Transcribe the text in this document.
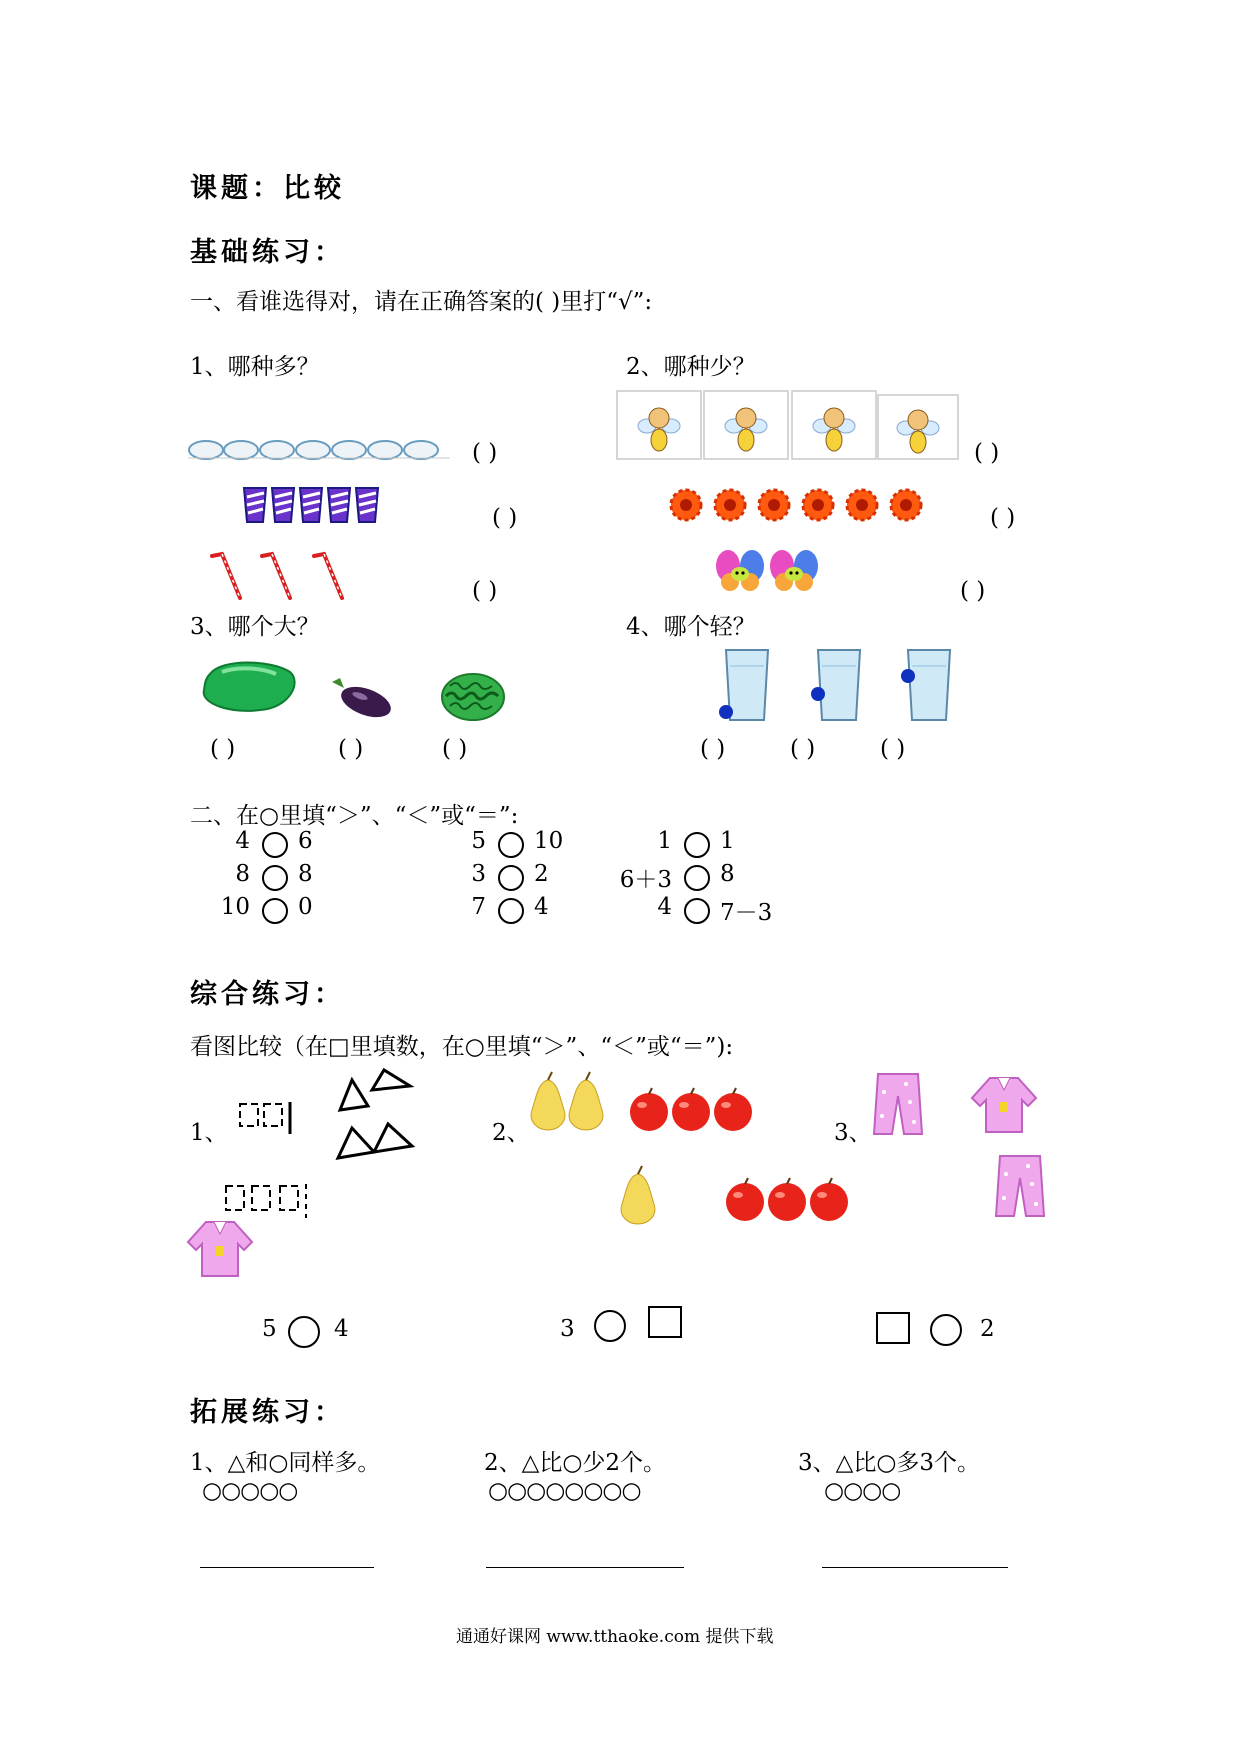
课题：比较
基础练习：
一、看谁选得对，请在正确答案的( )里打“√”:
1、哪种多？	2、哪种少？
( )
( )
( )
( )
( )
( )
3、哪个大？	4、哪个轻？
( )	( )	( )	( )	( )	( )
二、在○里填“＞”、“＜”或“＝”:
4 6
8 8
10 0
5 10
3 2
7 4
1 1
6＋3 8
4 7－3
综合练习：
看图比较（在□里填数，在○里填“＞”、“＜”或“＝”):
1、	2、	3、
5 4	3	2
拓展练习：
1、△和○同样多。	2、△比○少2个。	3、△比○多3个。
○○○○○	○○○○○○○○	○○○○
通通好课网 www.tthaoke.com 提供下载
